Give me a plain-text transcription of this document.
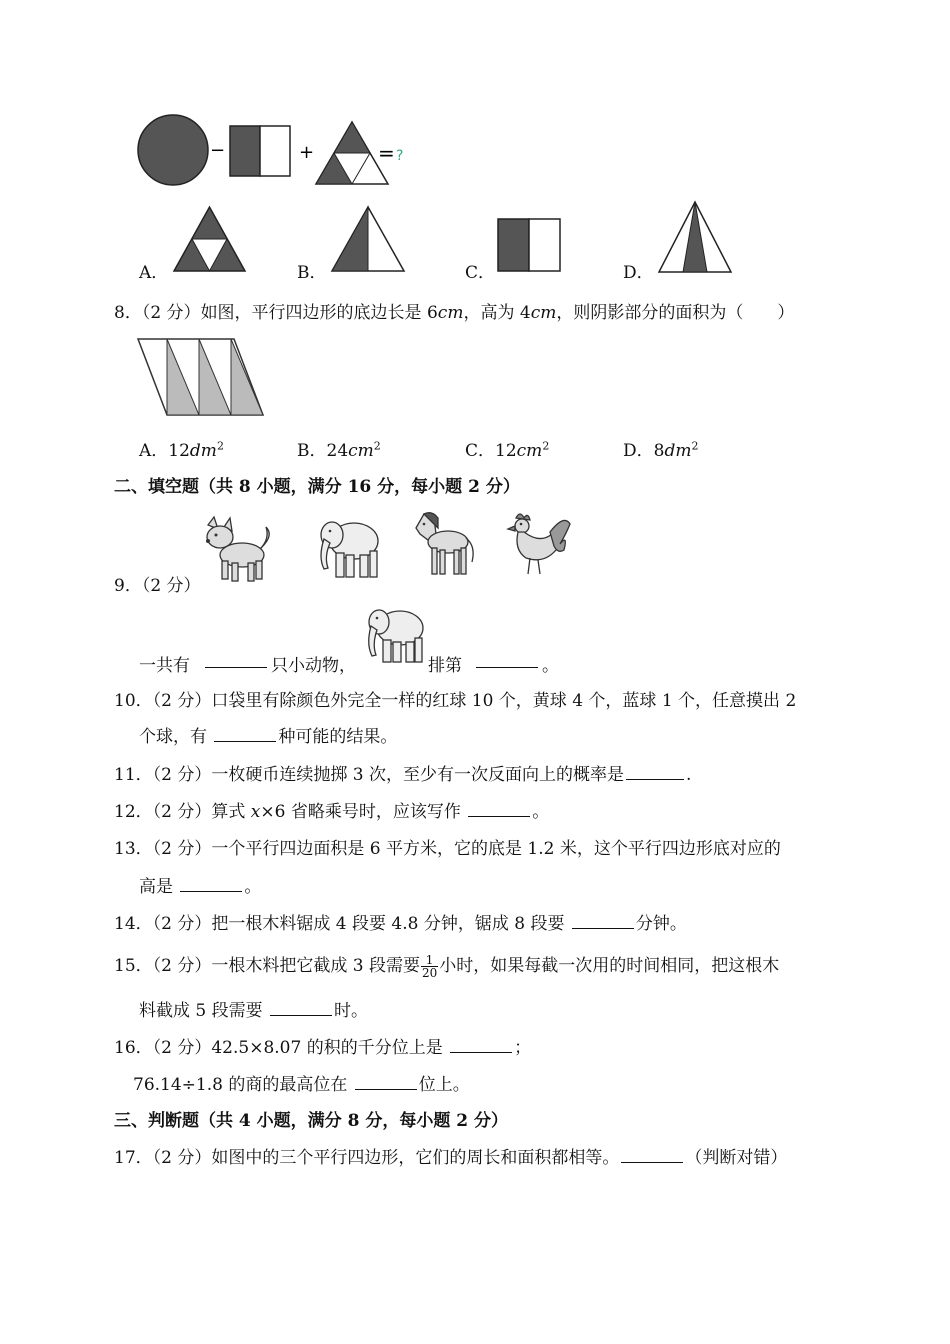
−	+	= ?
A．	B．	C．	D．
8．（2 分）如图，平行四边形的底边长是 6cm，高为 4cm，则阴影部分的面积为（　　）
A．$12dm^2$	B．$24cm^2$	C．$12cm^2$	D．$8dm^2$
二、填空题（共 8 小题，满分 16 分，每小题 2 分）
9．（2 分）
一共有	只小动物，	排第	。
10．（2 分）口袋里有除颜色外完全一样的红球 10 个，黄球 4 个，蓝球 1 个，任意摸出 2
个球，有	种可能的结果。
11．（2 分）一枚硬币连续抛掷 3 次，至少有一次反面向上的概率是	.
12．（2 分）算式 x×6 省略乘号时，应该写作	。
13．（2 分）一个平行四边面积是 6 平方米，它的底是 1.2 米，这个平行四边形底对应的
高是	。
14．（2 分）把一根木料锯成 4 段要 4.8 分钟，锯成 8 段要	分钟。
15．（2 分）一根木料把它截成 3 段需要 $\frac{1}{20}$ 小时，如果每截一次用的时间相同，把这根木
料截成 5 段需要	时。
16．（2 分）42.5×8.07 的积的千分位上是	；
76.14÷1.8 的商的最高位在	位上。
三、判断题（共 4 小题，满分 8 分，每小题 2 分）
17．（2 分）如图中的三个平行四边形，它们的周长和面积都相等。	（判断对错）
